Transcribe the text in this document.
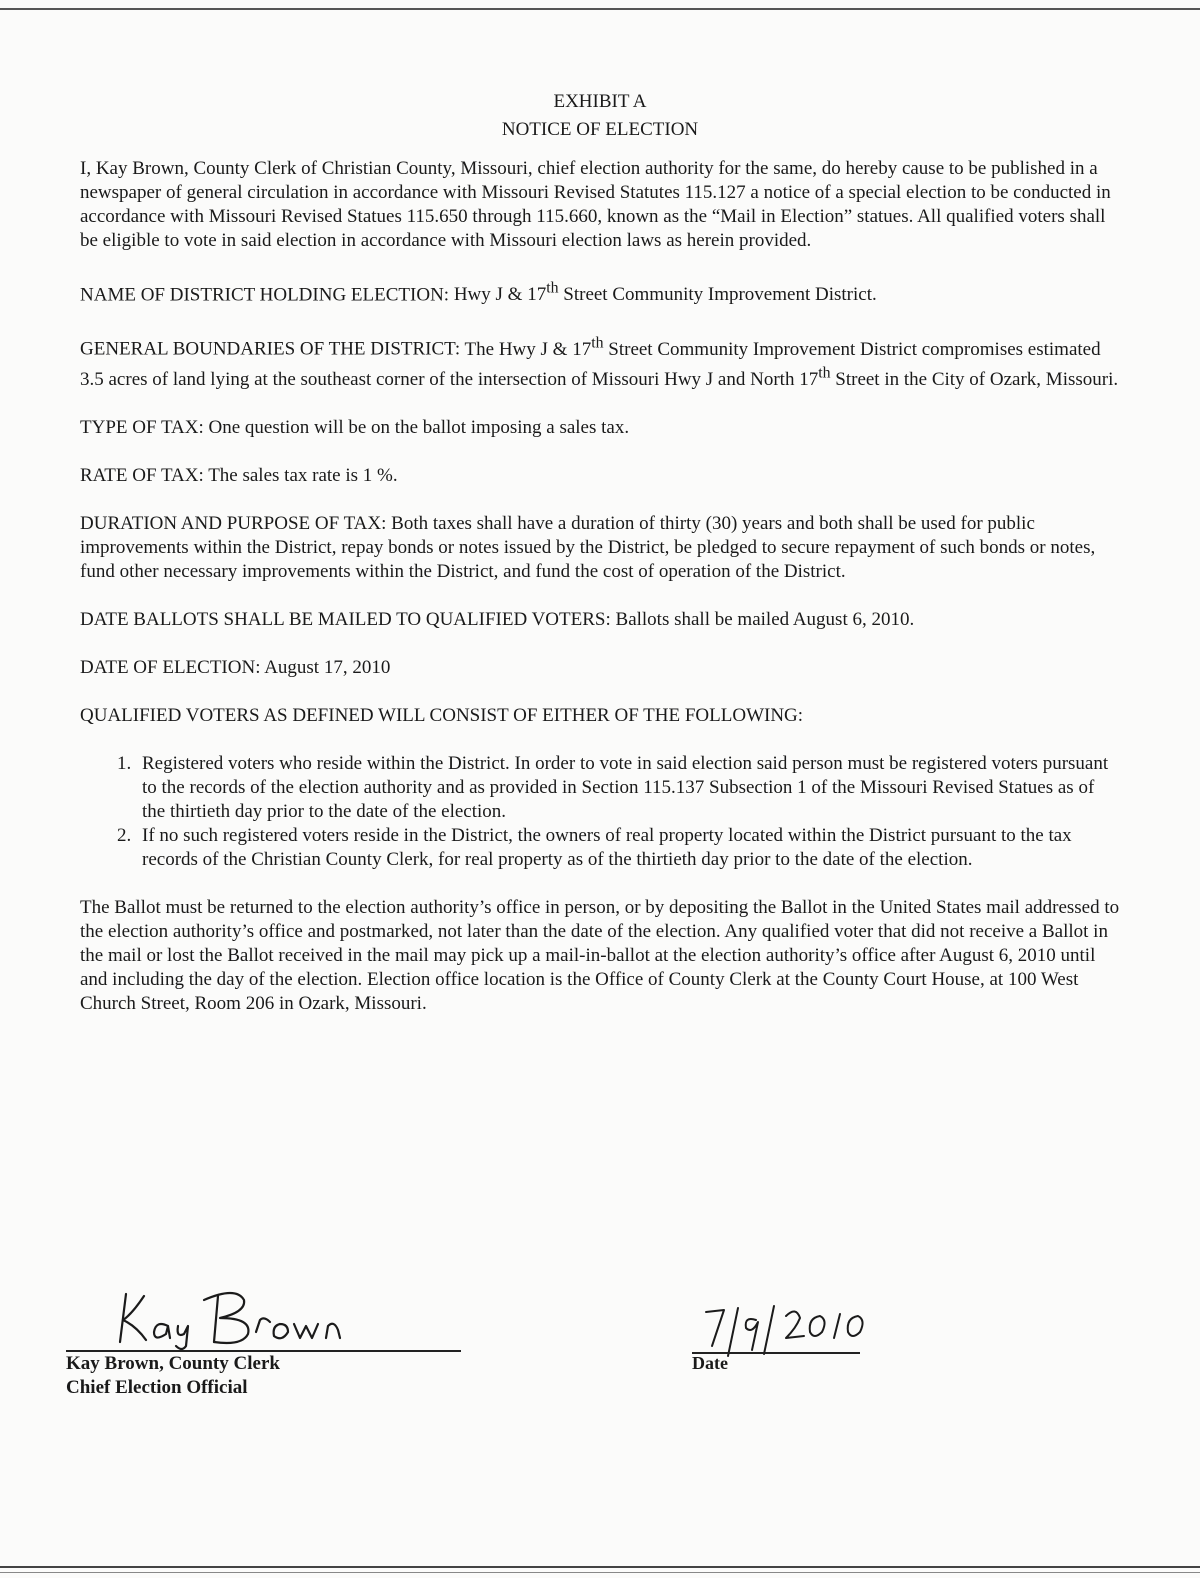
EXHIBIT A

NOTICE OF ELECTION

I, Kay Brown, County Clerk of Christian County, Missouri, chief election authority for the same, do hereby cause to be published in a newspaper of general circulation in accordance with Missouri Revised Statutes 115.127 a notice of a special election to be conducted in accordance with Missouri Revised Statues 115.650 through 115.660, known as the “Mail in Election” statues. All qualified voters shall be eligible to vote in said election in accordance with Missouri election laws as herein provided.

NAME OF DISTRICT HOLDING ELECTION: Hwy J & 17th Street Community Improvement District.

GENERAL BOUNDARIES OF THE DISTRICT: The Hwy J & 17th Street Community Improvement District compromises estimated 3.5 acres of land lying at the southeast corner of the intersection of Missouri Hwy J and North 17th Street in the City of Ozark, Missouri.

TYPE OF TAX: One question will be on the ballot imposing a sales tax.

RATE OF TAX: The sales tax rate is 1 %.

DURATION AND PURPOSE OF TAX: Both taxes shall have a duration of thirty (30) years and both shall be used for public improvements within the District, repay bonds or notes issued by the District, be pledged to secure repayment of such bonds or notes, fund other necessary improvements within the District, and fund the cost of operation of the District.

DATE BALLOTS SHALL BE MAILED TO QUALIFIED VOTERS: Ballots shall be mailed August 6, 2010.

DATE OF ELECTION: August 17, 2010

QUALIFIED VOTERS AS DEFINED WILL CONSIST OF EITHER OF THE FOLLOWING:

1. Registered voters who reside within the District. In order to vote in said election said person must be registered voters pursuant to the records of the election authority and as provided in Section 115.137 Subsection 1 of the Missouri Revised Statues as of the thirtieth day prior to the date of the election.
2. If no such registered voters reside in the District, the owners of real property located within the District pursuant to the tax records of the Christian County Clerk, for real property as of the thirtieth day prior to the date of the election.

The Ballot must be returned to the election authority’s office in person, or by depositing the Ballot in the United States mail addressed to the election authority’s office and postmarked, not later than the date of the election. Any qualified voter that did not receive a Ballot in the mail or lost the Ballot received in the mail may pick up a mail-in-ballot at the election authority’s office after August 6, 2010 until and including the day of the election. Election office location is the Office of County Clerk at the County Court House, at 100 West Church Street, Room 206 in Ozark, Missouri.

Kay Brown, County Clerk
Chief Election Official
Date
